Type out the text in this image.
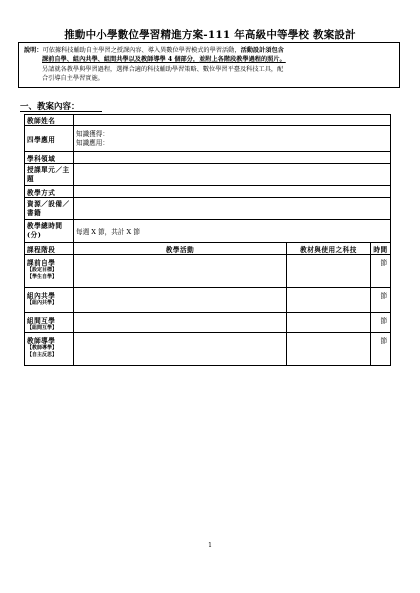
推動中小學數位學習精進方案-111 年高級中等學校 教案設計
說明：可依據科技輔助自主學習之授課內容、導入異數位學習模式的學習活動，活動設計須包含
課前自學、組內共學、組間共學以及教師導學 4 個部分，並附上各階段教學過程的照片。
另請就各教學與學習過程，選擇合適的科技輔助學習策略、數位學習平臺及科技工具，配
合引導自主學習實施。
一、教案內容：
教師姓名			
四學應用	知識獲得：
知識應用：		

學科領域			

授課單元／主
題			

教學方式			

資源／設備／
書籍			

教學總時間
(分)	每週 X 節，共計 X 節		
課程階段	教學活動	教材與使用之科技	時間

課前自學
【設定目標】
【學生自學】			節

組內共學
【組內共學】			節

組間互學
【組間互學】			節

教師導學
【教師導學】
【自主反思】			節
1
